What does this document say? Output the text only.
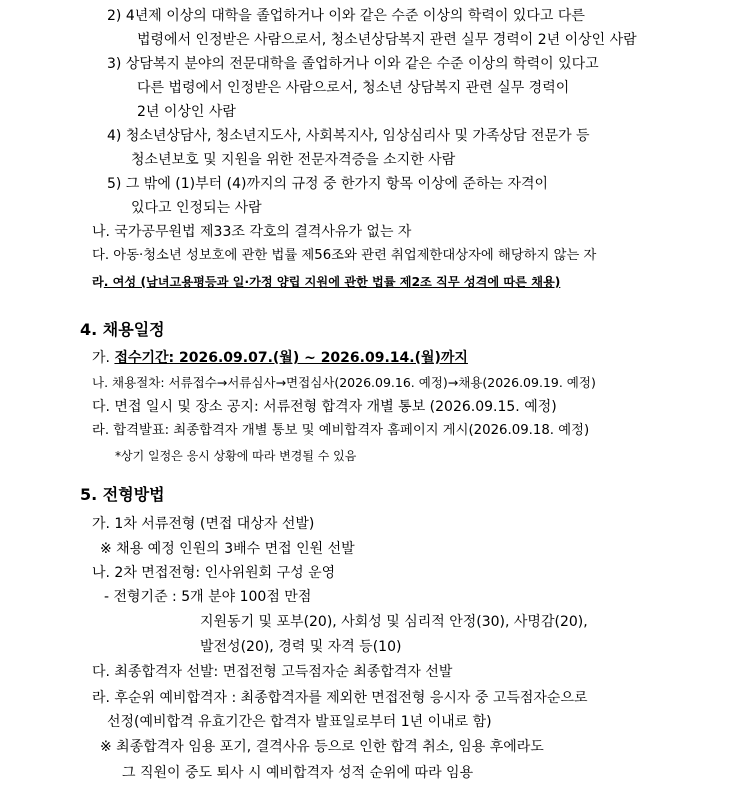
2) 4년제 이상의 대학을 졸업하거나 이와 같은 수준 이상의 학력이 있다고 다른
법령에서 인정받은 사람으로서, 청소년상담복지 관련 실무 경력이 2년 이상인 사람
3) 상담복지 분야의 전문대학을 졸업하거나 이와 같은 수준 이상의 학력이 있다고
다른 법령에서 인정받은 사람으로서, 청소년 상담복지 관련 실무 경력이
2년 이상인 사람
4) 청소년상담사, 청소년지도사, 사회복지사, 임상심리사 및 가족상담 전문가 등
청소년보호 및 지원을 위한 전문자격증을 소지한 사람
5) 그 밖에 (1)부터 (4)까지의 규정 중 한가지 항목 이상에 준하는 자격이
있다고 인정되는 사람
나. 국가공무원법 제33조 각호의 결격사유가 없는 자
다. 아동·청소년 성보호에 관한 법률 제56조와 관련 취업제한대상자에 해당하지 않는 자
라. 여성 (남녀고용평등과 일·가정 양립 지원에 관한 법률 제2조 직무 성격에 따른 채용)
4. 채용일정
가. 접수기간: 2026.09.07.(월) ~ 2026.09.14.(월)까지
나. 채용절차: 서류접수→서류심사→면접심사(2026.09.16. 예정)→채용(2026.09.19. 예정)
다. 면접 일시 및 장소 공지: 서류전형 합격자 개별 통보 (2026.09.15. 예정)
라. 합격발표: 최종합격자 개별 통보 및 예비합격자 홈페이지 게시(2026.09.18. 예정)
*상기 일정은 응시 상황에 따라 변경될 수 있음
5. 전형방법
가. 1차 서류전형 (면접 대상자 선발)
※ 채용 예정 인원의 3배수 면접 인원 선발
나. 2차 면접전형: 인사위원회 구성 운영
- 전형기준 : 5개 분야 100점 만점
지원동기 및 포부(20), 사회성 및 심리적 안정(30), 사명감(20),
발전성(20), 경력 및 자격 등(10)
다. 최종합격자 선발: 면접전형 고득점자순 최종합격자 선발
라. 후순위 예비합격자 : 최종합격자를 제외한 면접전형 응시자 중 고득점자순으로
선정(예비합격 유효기간은 합격자 발표일로부터 1년 이내로 함)
※ 최종합격자 임용 포기, 결격사유 등으로 인한 합격 취소, 임용 후에라도
그 직원이 중도 퇴사 시 예비합격자 성적 순위에 따라 임용
